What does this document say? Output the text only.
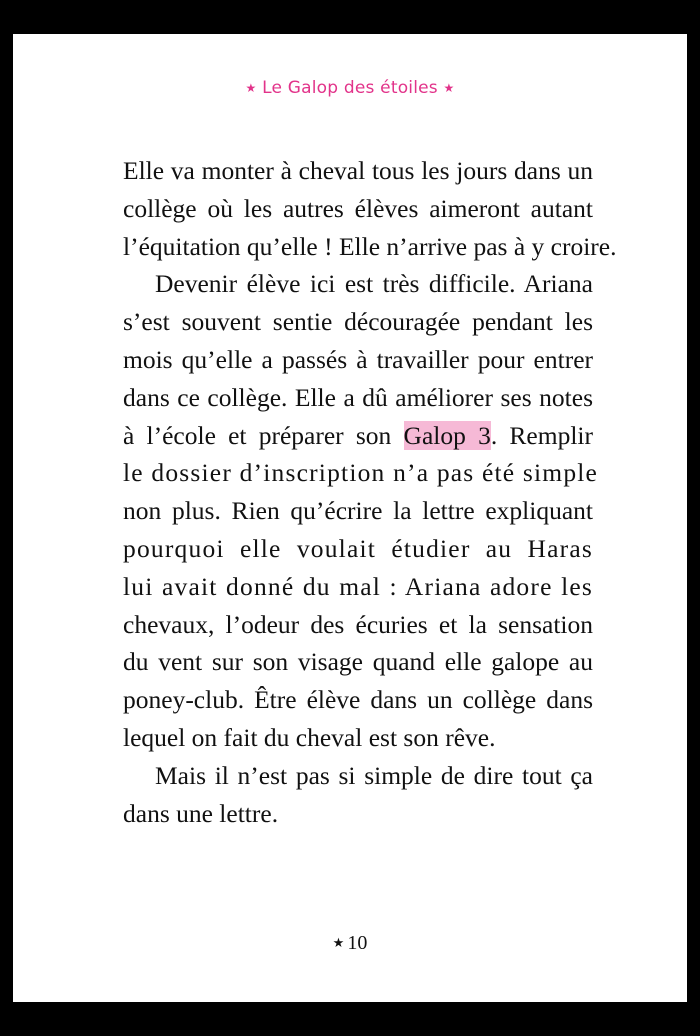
★ Le Galop des étoiles ★
Elle va monter à cheval tous les jours dans un
collège où les autres élèves aimeront autant
l’équitation qu’elle ! Elle n’arrive pas à y croire.
Devenir élève ici est très difficile. Ariana
s’est souvent sentie découragée pendant les
mois qu’elle a passés à travailler pour entrer
dans ce collège. Elle a dû améliorer ses notes
à l’école et préparer son Galop 3. Remplir
le dossier d’inscription n’a pas été simple
non plus. Rien qu’écrire la lettre expliquant
pourquoi elle voulait étudier au Haras
lui avait donné du mal : Ariana adore les
chevaux, l’odeur des écuries et la sensation
du vent sur son visage quand elle galope au
poney-club. Être élève dans un collège dans
lequel on fait du cheval est son rêve.
Mais il n’est pas si simple de dire tout ça
dans une lettre.
★ 10
